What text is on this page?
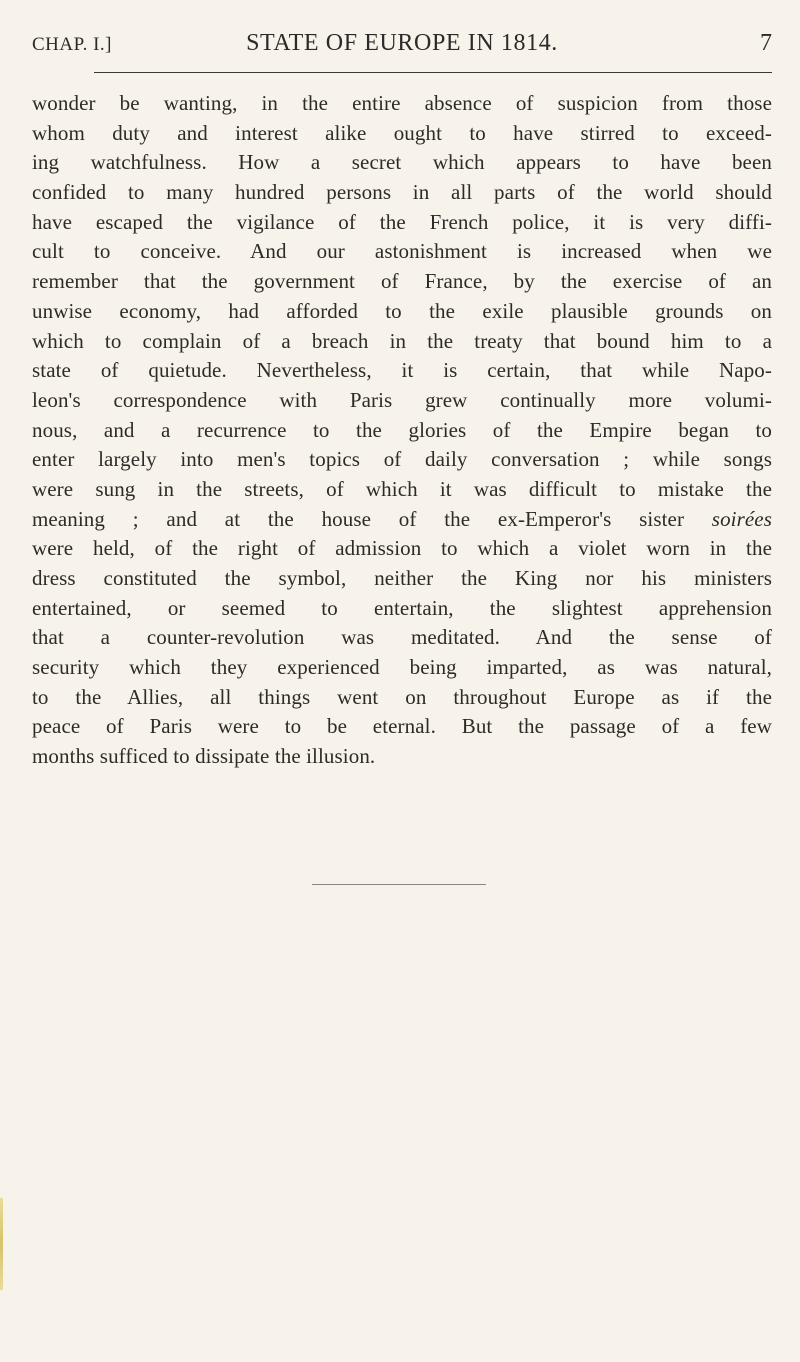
CHAP. I.]	STATE OF EUROPE IN 1814.	7
wonder be wanting, in the entire absence of suspicion from those
whom duty and interest alike ought to have stirred to exceed-
ing watchfulness. How a secret which appears to have been
confided to many hundred persons in all parts of the world should
have escaped the vigilance of the French police, it is very diffi-
cult to conceive. And our astonishment is increased when we
remember that the government of France, by the exercise of an
unwise economy, had afforded to the exile plausible grounds on
which to complain of a breach in the treaty that bound him to a
state of quietude. Nevertheless, it is certain, that while Napo-
leon's correspondence with Paris grew continually more volumi-
nous, and a recurrence to the glories of the Empire began to
enter largely into men's topics of daily conversation ; while songs
were sung in the streets, of which it was difficult to mistake the
meaning ; and at the house of the ex-Emperor's sister soirées
were held, of the right of admission to which a violet worn in the
dress constituted the symbol, neither the King nor his ministers
entertained, or seemed to entertain, the slightest apprehension
that a counter-revolution was meditated. And the sense of
security which they experienced being imparted, as was natural,
to the Allies, all things went on throughout Europe as if the
peace of Paris were to be eternal. But the passage of a few
months sufficed to dissipate the illusion.
